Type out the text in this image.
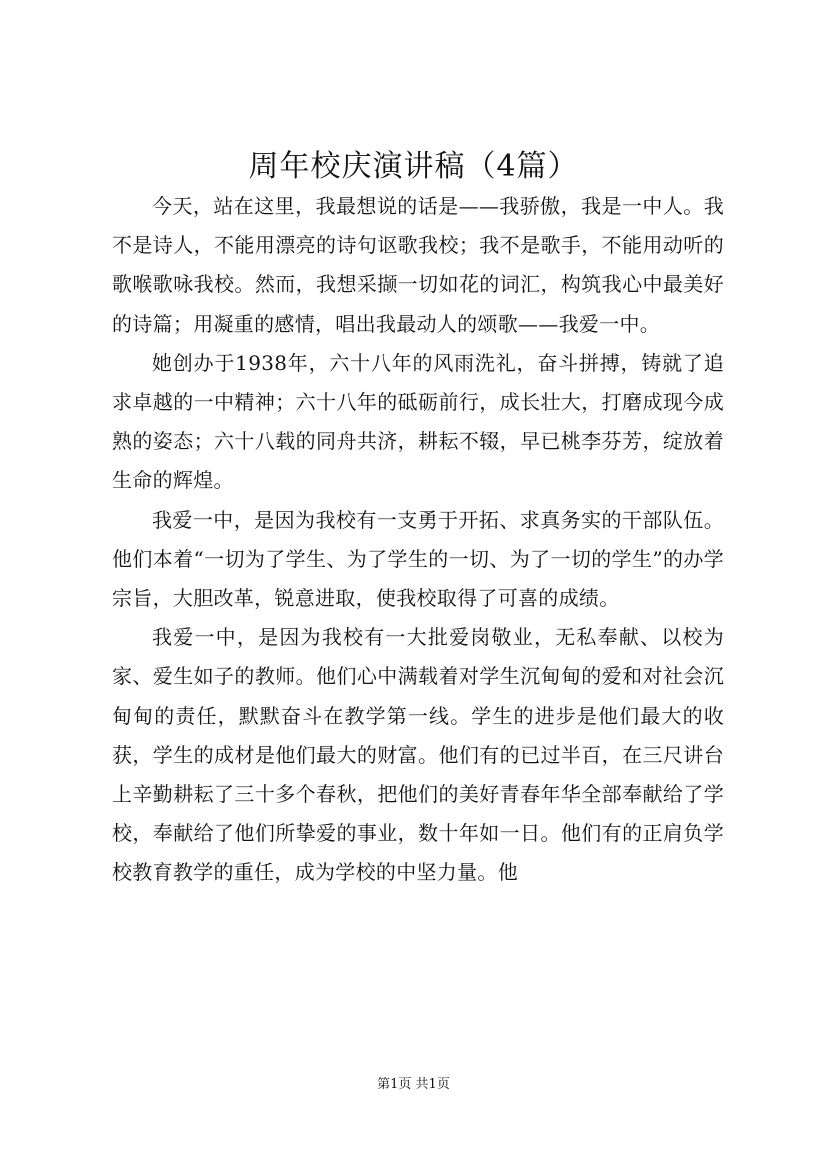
周年校庆演讲稿（4篇）

今天，站在这里，我最想说的话是——我骄傲，我是一中人。我不是诗人，不能用漂亮的诗句讴歌我校；我不是歌手，不能用动听的歌喉歌咏我校。然而，我想采撷一切如花的词汇，构筑我心中最美好的诗篇；用凝重的感情，唱出我最动人的颂歌——我爱一中。

她创办于1938年，六十八年的风雨洗礼，奋斗拼搏，铸就了追求卓越的一中精神；六十八年的砥砺前行，成长壮大，打磨成现今成熟的姿态；六十八载的同舟共济，耕耘不辍，早已桃李芬芳，绽放着生命的辉煌。

我爱一中，是因为我校有一支勇于开拓、求真务实的干部队伍。他们本着“一切为了学生、为了学生的一切、为了一切的学生”的办学宗旨，大胆改革，锐意进取，使我校取得了可喜的成绩。

我爱一中，是因为我校有一大批爱岗敬业，无私奉献、以校为家、爱生如子的教师。他们心中满载着对学生沉甸甸的爱和对社会沉甸甸的责任，默默奋斗在教学第一线。学生的进步是他们最大的收获，学生的成材是他们最大的财富。他们有的已过半百，在三尺讲台上辛勤耕耘了三十多个春秋，把他们的美好青春年华全部奉献给了学校，奉献给了他们所挚爱的事业，数十年如一日。他们有的正肩负学校教育教学的重任，成为学校的中坚力量。他

第1页 共1页
